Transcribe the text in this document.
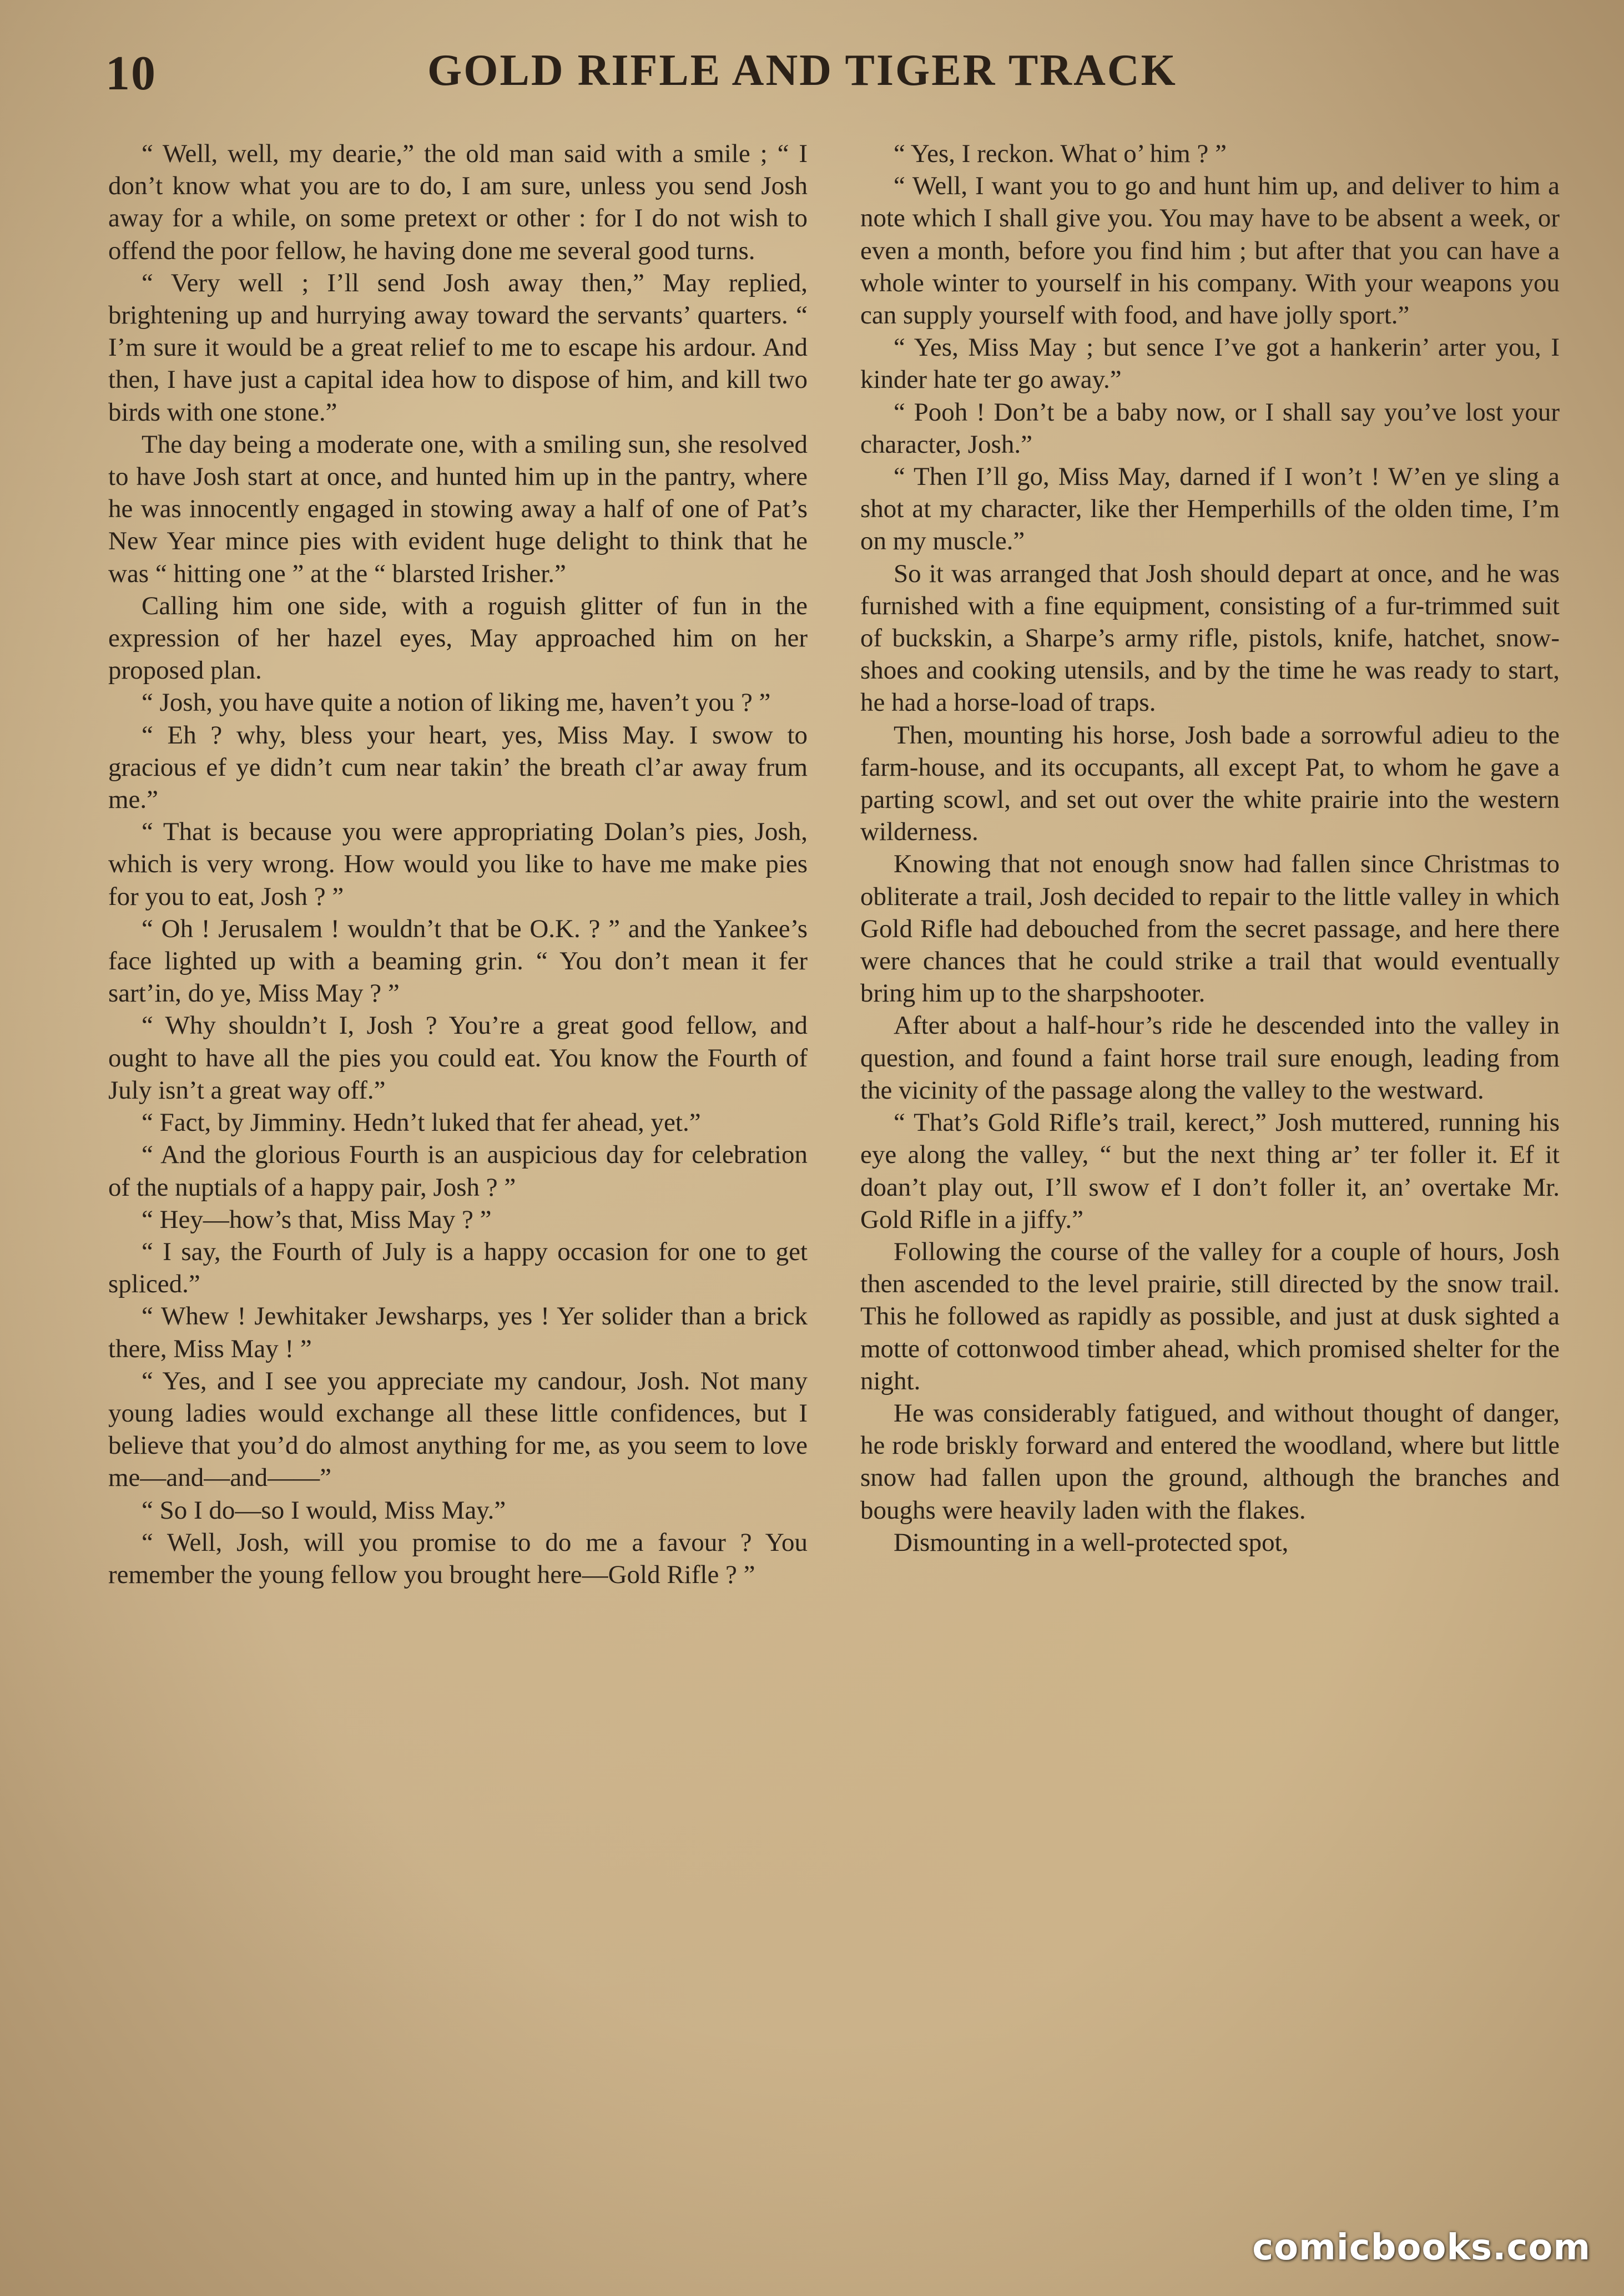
10	GOLD RIFLE AND TIGER TRACK

“ Well, well, my dearie,” the old man said with a smile ; “ I don’t know what you are to do, I am sure, unless you send Josh away for a while, on some pretext or other : for I do not wish to offend the poor fellow, he having done me several good turns.

“ Very well ; I’ll send Josh away then,” May replied, brightening up and hurrying away toward the servants’ quarters. “ I’m sure it would be a great relief to me to escape his ardour. And then, I have just a capital idea how to dispose of him, and kill two birds with one stone.”

The day being a moderate one, with a smiling sun, she resolved to have Josh start at once, and hunted him up in the pantry, where he was innocently engaged in stowing away a half of one of Pat’s New Year mince pies with evident huge delight to think that he was “ hitting one ” at the “ blarsted Irisher.”

Calling him one side, with a roguish glitter of fun in the expression of her hazel eyes, May approached him on her proposed plan.

“ Josh, you have quite a notion of liking me, haven’t you ? ”

“ Eh ? why, bless your heart, yes, Miss May. I swow to gracious ef ye didn’t cum near takin’ the breath cl’ar away frum me.”

“ That is because you were appropriating Dolan’s pies, Josh, which is very wrong. How would you like to have me make pies for you to eat, Josh ? ”

“ Oh ! Jerusalem ! wouldn’t that be O.K. ? ” and the Yankee’s face lighted up with a beaming grin. “ You don’t mean it fer sart’in, do ye, Miss May ? ”

“ Why shouldn’t I, Josh ? You’re a great good fellow, and ought to have all the pies you could eat. You know the Fourth of July isn’t a great way off.”

“ Fact, by Jimminy. Hedn’t luked that fer ahead, yet.”

“ And the glorious Fourth is an auspicious day for celebration of the nuptials of a happy pair, Josh ? ”

“ Hey—how’s that, Miss May ? ”

“ I say, the Fourth of July is a happy occasion for one to get spliced.”

“ Whew ! Jewhitaker Jewsharps, yes ! Yer solider than a brick there, Miss May ! ”

“ Yes, and I see you appreciate my candour, Josh. Not many young ladies would exchange all these little confidences, but I believe that you’d do almost anything for me, as you seem to love me—and—and——”

“ So I do—so I would, Miss May.”

“ Well, Josh, will you promise to do me a favour ? You remember the young fellow you brought here—Gold Rifle ? ”

“ Yes, I reckon. What o’ him ? ”

“ Well, I want you to go and hunt him up, and deliver to him a note which I shall give you. You may have to be absent a week, or even a month, before you find him ; but after that you can have a whole winter to yourself in his company. With your weapons you can supply yourself with food, and have jolly sport.”

“ Yes, Miss May ; but sence I’ve got a hankerin’ arter you, I kinder hate ter go away.”

“ Pooh ! Don’t be a baby now, or I shall say you’ve lost your character, Josh.”

“ Then I’ll go, Miss May, darned if I won’t ! W’en ye sling a shot at my character, like ther Hemperhills of the olden time, I’m on my muscle.”

So it was arranged that Josh should depart at once, and he was furnished with a fine equipment, consisting of a fur-trimmed suit of buckskin, a Sharpe’s army rifle, pistols, knife, hatchet, snow-shoes and cooking utensils, and by the time he was ready to start, he had a horse-load of traps.

Then, mounting his horse, Josh bade a sorrowful adieu to the farm-house, and its occupants, all except Pat, to whom he gave a parting scowl, and set out over the white prairie into the western wilderness.

Knowing that not enough snow had fallen since Christmas to obliterate a trail, Josh decided to repair to the little valley in which Gold Rifle had debouched from the secret passage, and here there were chances that he could strike a trail that would eventually bring him up to the sharpshooter.

After about a half-hour’s ride he descended into the valley in question, and found a faint horse trail sure enough, leading from the vicinity of the passage along the valley to the westward.

“ That’s Gold Rifle’s trail, kerect,” Josh muttered, running his eye along the valley, “ but the next thing ar’ ter foller it. Ef it doan’t play out, I’ll swow ef I don’t foller it, an’ overtake Mr. Gold Rifle in a jiffy.”

Following the course of the valley for a couple of hours, Josh then ascended to the level prairie, still directed by the snow trail. This he followed as rapidly as possible, and just at dusk sighted a motte of cottonwood timber ahead, which promised shelter for the night.

He was considerably fatigued, and without thought of danger, he rode briskly forward and entered the woodland, where but little snow had fallen upon the ground, although the branches and boughs were heavily laden with the flakes.

Dismounting in a well-protected spot,

comicbooks.com
